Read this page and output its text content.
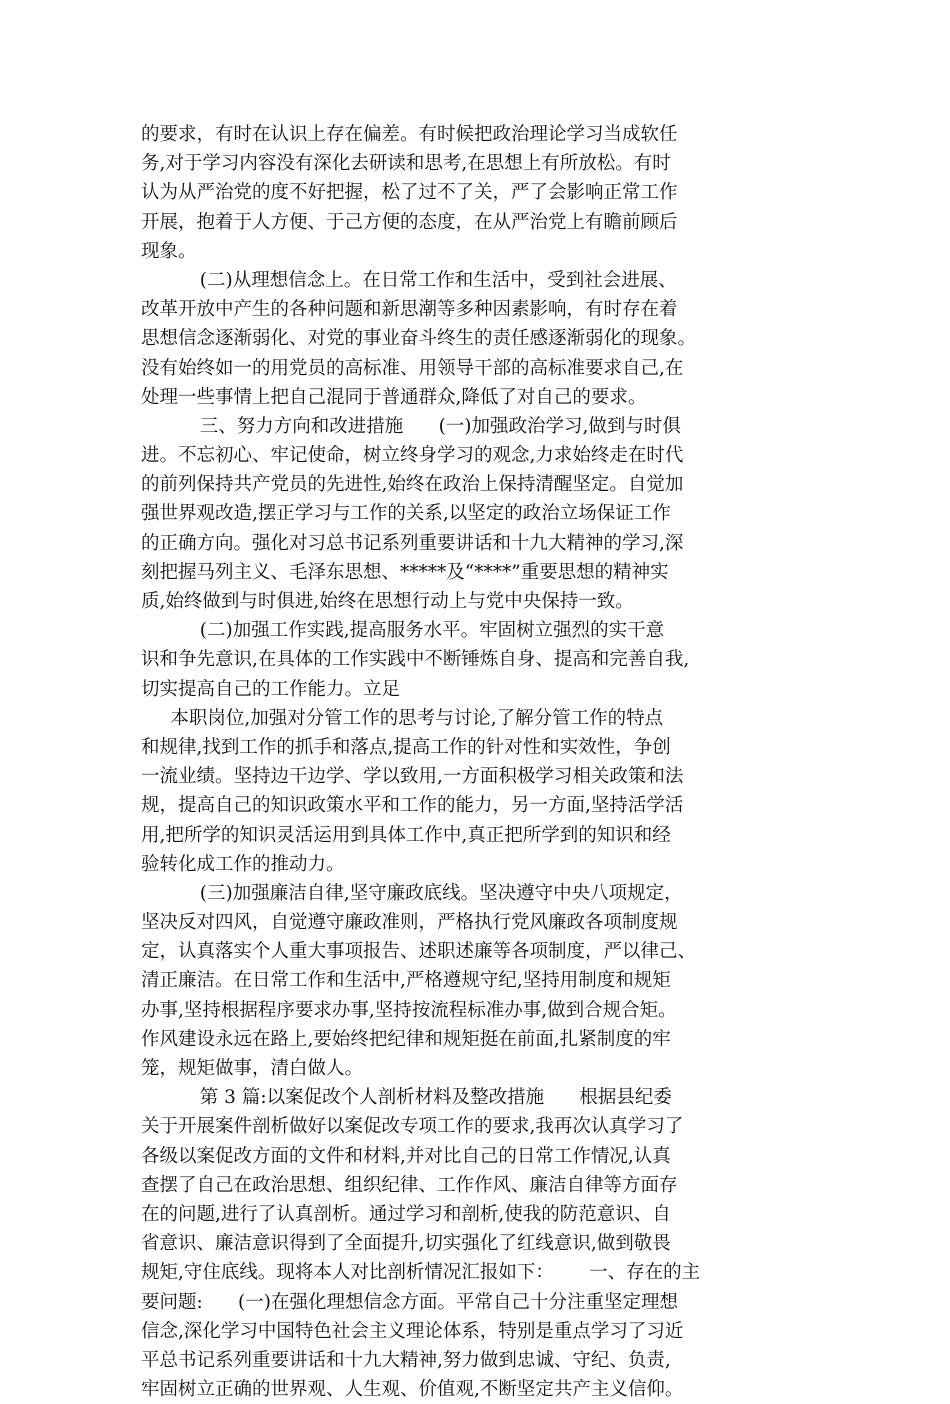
的要求，有时在认识上存在偏差。有时候把政治理论学习当成软任
务,对于学习内容没有深化去研读和思考,在思想上有所放松。有时
认为从严治党的度不好把握，松了过不了关，严了会影响正常工作
开展，抱着于人方便、于己方便的态度，在从严治党上有瞻前顾后
现象。
(二)从理想信念上。在日常工作和生活中，受到社会进展、
改革开放中产生的各种问题和新思潮等多种因素影响，有时存在着
思想信念逐渐弱化、对党的事业奋斗终生的责任感逐渐弱化的现象。
没有始终如一的用党员的高标准、用领导干部的高标准要求自己,在
处理一些事情上把自己混同于普通群众,降低了对自己的要求。
三、努力方向和改进措施      (一)加强政治学习,做到与时俱
进。不忘初心、牢记使命，树立终身学习的观念,力求始终走在时代
的前列保持共产党员的先进性,始终在政治上保持清醒坚定。自觉加
强世界观改造,摆正学习与工作的关系,以坚定的政治立场保证工作
的正确方向。强化对习总书记系列重要讲话和十九大精神的学习,深
刻把握马列主义、毛泽东思想、*****及“****”重要思想的精神实
质,始终做到与时俱进,始终在思想行动上与党中央保持一致。
(二)加强工作实践,提高服务水平。牢固树立强烈的实干意
识和争先意识,在具体的工作实践中不断锤炼自身、提高和完善自我,
切实提高自己的工作能力。立足
本职岗位,加强对分管工作的思考与讨论,了解分管工作的特点
和规律,找到工作的抓手和落点,提高工作的针对性和实效性，争创
一流业绩。坚持边干边学、学以致用,一方面积极学习相关政策和法
规，提高自己的知识政策水平和工作的能力，另一方面,坚持活学活
用,把所学的知识灵活运用到具体工作中,真正把所学到的知识和经
验转化成工作的推动力。
(三)加强廉洁自律,坚守廉政底线。坚决遵守中央八项规定，
坚决反对四风，自觉遵守廉政准则，严格执行党风廉政各项制度规
定，认真落实个人重大事项报告、述职述廉等各项制度，严以律己、
清正廉洁。在日常工作和生活中,严格遵规守纪,坚持用制度和规矩
办事,坚持根据程序要求办事,坚持按流程标准办事,做到合规合矩。
作风建设永远在路上,要始终把纪律和规矩挺在前面,扎紧制度的牢
笼，规矩做事，清白做人。
第 3 篇:以案促改个人剖析材料及整改措施      根据县纪委
关于开展案件剖析做好以案促改专项工作的要求,我再次认真学习了
各级以案促改方面的文件和材料,并对比自己的日常工作情况,认真
查摆了自己在政治思想、组织纪律、工作作风、廉洁自律等方面存
在的问题,进行了认真剖析。通过学习和剖析,使我的防范意识、自
省意识、廉洁意识得到了全面提升,切实强化了红线意识,做到敬畏
规矩,守住底线。现将本人对比剖析情况汇报如下：      一、存在的主
要问题:      (一)在强化理想信念方面。平常自己十分注重坚定理想
信念,深化学习中国特色社会主义理论体系，特别是重点学习了习近
平总书记系列重要讲话和十九大精神,努力做到忠诚、守纪、负责,
牢固树立正确的世界观、人生观、价值观,不断坚定共产主义信仰。
